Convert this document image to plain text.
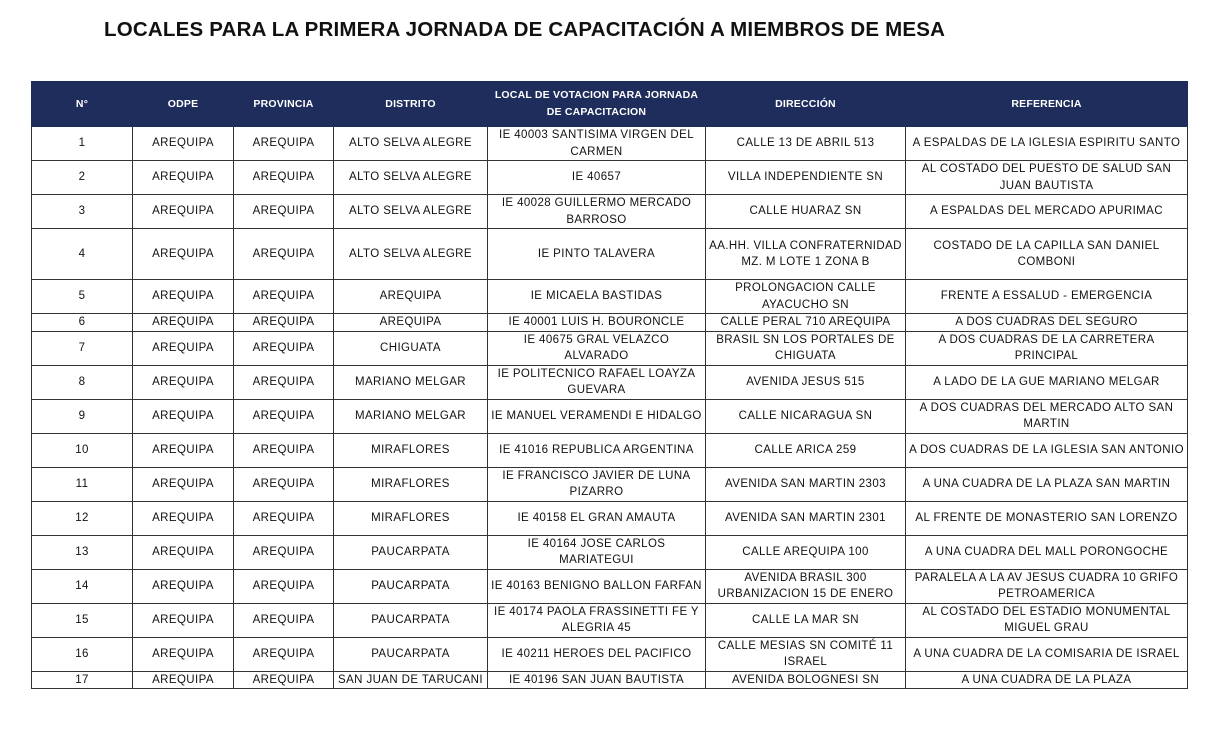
LOCALES PARA LA PRIMERA JORNADA DE CAPACITACIÓN A MIEMBROS DE MESA
N°	ODPE	PROVINCIA	DISTRITO	LOCAL DE VOTACION PARA JORNADA DE CAPACITACION	DIRECCIÓN	REFERENCIA
1	AREQUIPA	AREQUIPA	ALTO SELVA ALEGRE	IE 40003 SANTISIMA VIRGEN DEL CARMEN	CALLE 13 DE ABRIL 513	A ESPALDAS DE LA IGLESIA ESPIRITU SANTO
2	AREQUIPA	AREQUIPA	ALTO SELVA ALEGRE	IE 40657	VILLA INDEPENDIENTE SN	AL COSTADO DEL PUESTO DE SALUD SAN JUAN BAUTISTA
3	AREQUIPA	AREQUIPA	ALTO SELVA ALEGRE	IE 40028 GUILLERMO MERCADO BARROSO	CALLE HUARAZ SN	A ESPALDAS DEL MERCADO APURIMAC
4	AREQUIPA	AREQUIPA	ALTO SELVA ALEGRE	IE PINTO TALAVERA	AA.HH. VILLA CONFRATERNIDAD MZ. M LOTE 1 ZONA B	COSTADO DE LA CAPILLA SAN DANIEL COMBONI
5	AREQUIPA	AREQUIPA	AREQUIPA	IE MICAELA BASTIDAS	PROLONGACION CALLE AYACUCHO SN	FRENTE A ESSALUD - EMERGENCIA
6	AREQUIPA	AREQUIPA	AREQUIPA	IE 40001 LUIS H. BOURONCLE	CALLE PERAL 710 AREQUIPA	A DOS CUADRAS DEL SEGURO
7	AREQUIPA	AREQUIPA	CHIGUATA	IE 40675 GRAL VELAZCO ALVARADO	BRASIL SN LOS PORTALES DE CHIGUATA	A DOS CUADRAS DE LA CARRETERA PRINCIPAL
8	AREQUIPA	AREQUIPA	MARIANO MELGAR	IE POLITECNICO RAFAEL LOAYZA GUEVARA	AVENIDA JESUS 515	A LADO DE LA GUE MARIANO MELGAR
9	AREQUIPA	AREQUIPA	MARIANO MELGAR	IE MANUEL VERAMENDI E HIDALGO	CALLE NICARAGUA SN	A DOS CUADRAS DEL MERCADO ALTO SAN MARTIN
10	AREQUIPA	AREQUIPA	MIRAFLORES	IE 41016 REPUBLICA ARGENTINA	CALLE ARICA 259	A DOS CUADRAS DE LA IGLESIA SAN ANTONIO
11	AREQUIPA	AREQUIPA	MIRAFLORES	IE FRANCISCO JAVIER DE LUNA PIZARRO	AVENIDA SAN MARTIN 2303	A UNA CUADRA DE LA PLAZA SAN MARTIN
12	AREQUIPA	AREQUIPA	MIRAFLORES	IE 40158 EL GRAN AMAUTA	AVENIDA SAN MARTIN 2301	AL FRENTE DE MONASTERIO SAN LORENZO
13	AREQUIPA	AREQUIPA	PAUCARPATA	IE 40164 JOSE CARLOS MARIATEGUI	CALLE AREQUIPA 100	A UNA CUADRA DEL MALL PORONGOCHE
14	AREQUIPA	AREQUIPA	PAUCARPATA	IE 40163 BENIGNO BALLON FARFAN	AVENIDA BRASIL 300 URBANIZACION 15 DE ENERO	PARALELA A LA AV JESUS CUADRA 10 GRIFO PETROAMERICA
15	AREQUIPA	AREQUIPA	PAUCARPATA	IE 40174 PAOLA FRASSINETTI FE Y ALEGRIA 45	CALLE LA MAR SN	AL COSTADO DEL ESTADIO MONUMENTAL MIGUEL GRAU
16	AREQUIPA	AREQUIPA	PAUCARPATA	IE 40211 HEROES DEL PACIFICO	CALLE MESIAS SN COMITÉ 11 ISRAEL	A UNA CUADRA DE LA COMISARIA DE ISRAEL
17	AREQUIPA	AREQUIPA	SAN JUAN DE TARUCANI	IE 40196 SAN JUAN BAUTISTA	AVENIDA BOLOGNESI SN	A UNA CUADRA DE LA PLAZA
